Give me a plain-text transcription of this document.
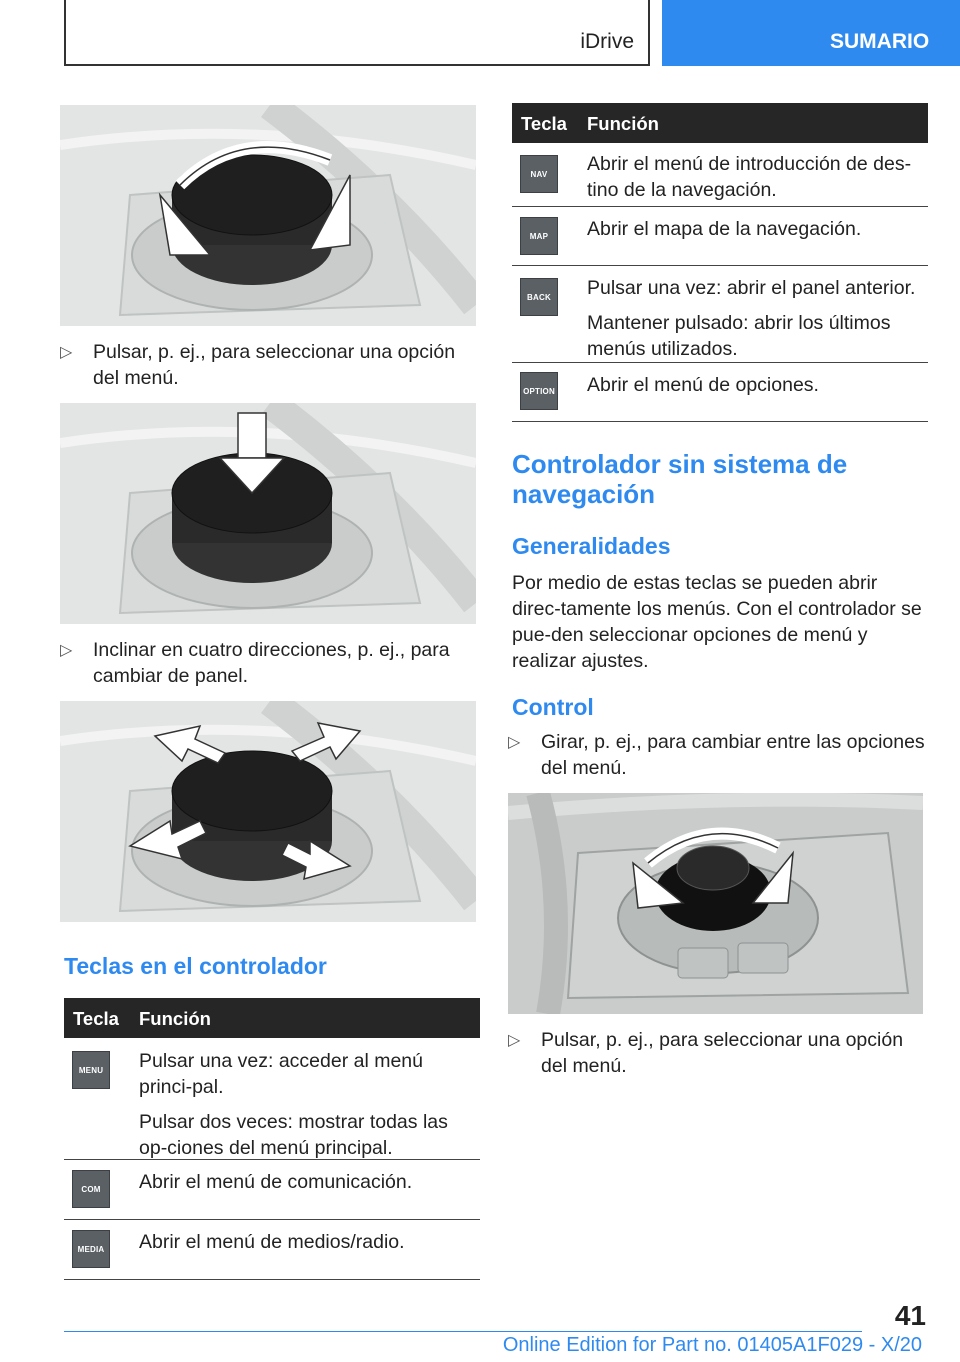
iDrive	SUMARIO
▷	Pulsar, p. ej., para seleccionar una opción del menú.
▷	Inclinar en cuatro direcciones, p. ej., para cambiar de panel.
Teclas en el controlador
Tecla Función
MENU	Pulsar una vez: acceder al menú princi-pal.

Pulsar dos veces: mostrar todas las op-ciones del menú principal.

COM	Abrir el menú de comunicación.

MEDIA Abrir el menú de medios/radio.

Tecla Función
NAV	Abrir el menú de introducción de des-tino de la navegación.

MAP	Abrir el mapa de la navegación.

BACK	Pulsar una vez: abrir el panel anterior.

Mantener pulsado: abrir los últimos menús utilizados.

OPTION Abrir el menú de opciones.

Controlador sin sistema de navegación
Generalidades
Por medio de estas teclas se pueden abrir direc-tamente los menús. Con el controlador se pue-den seleccionar opciones de menú y realizar ajustes.
Control
▷	Girar, p. ej., para cambiar entre las opciones del menú.
▷	Pulsar, p. ej., para seleccionar una opción del menú.
41
Online Edition for Part no. 01405A1F029 - X/20
